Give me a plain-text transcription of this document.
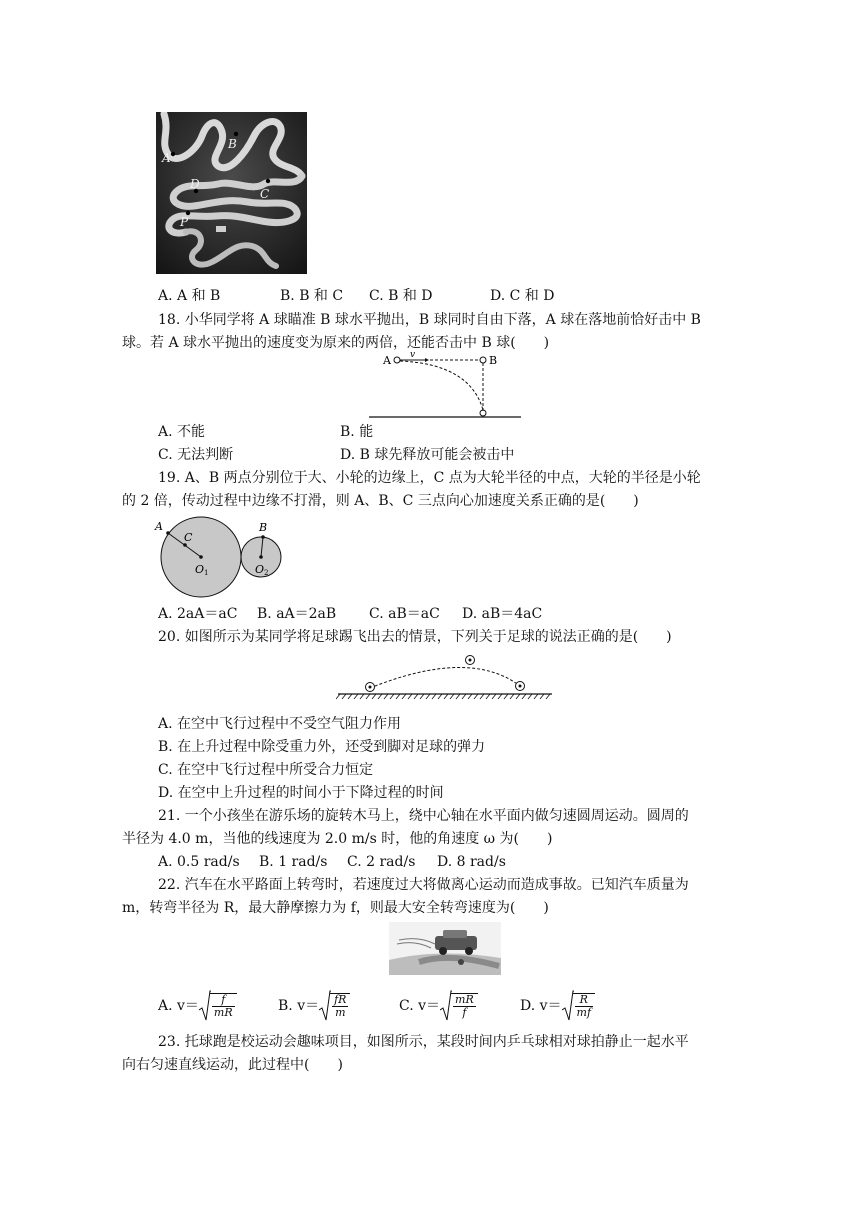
A
B
C
D
P
A. A 和 B	B. B 和 C C. B 和 D	D. C 和 D
18. 小华同学将 A 球瞄准 B 球水平抛出，B 球同时自由下落，A 球在落地前恰好击中 B
球。若 A 球水平抛出的速度变为原来的两倍，还能否击中 B 球(　　)
A v	B
A. 不能	B. 能
C. 无法判断	D. B 球先释放可能会被击中
19. A、B 两点分别位于大、小轮的边缘上，C 点为大轮半径的中点，大轮的半径是小轮
的 2 倍，传动过程中边缘不打滑，则 A、B、C 三点向心加速度关系正确的是(　　)
A
C
B
O1	O2
A. 2aA＝aC B. aA＝2aB C. aB＝aC D. aB＝4aC
20. 如图所示为某同学将足球踢飞出去的情景，下列关于足球的说法正确的是(　　)
A. 在空中飞行过程中不受空气阻力作用
B. 在上升过程中除受重力外，还受到脚对足球的弹力
C. 在空中飞行过程中所受合力恒定
D. 在空中上升过程的时间小于下降过程的时间
21. 一个小孩坐在游乐场的旋转木马上，绕中心轴在水平面内做匀速圆周运动。圆周的
半径为 4.0 m，当他的线速度为 2.0 m/s 时，他的角速度 ω 为(　　)
A. 0.5 rad/s B. 1 rad/s C. 2 rad/s D. 8 rad/s
22. 汽车在水平路面上转弯时，若速度过大将做离心运动而造成事故。已知汽车质量为
m，转弯半径为 R，最大静摩擦力为 f，则最大安全转弯速度为(　　)
A. $v= \frac{f}{mR}$	B. $v= \frac{fR}{m}$	C. $v= \frac{mR}{f}$	D. $v= \frac{R}{mf}$
23. 托球跑是校运动会趣味项目，如图所示，某段时间内乒乓球相对球拍静止一起水平
向右匀速直线运动，此过程中(　　)
